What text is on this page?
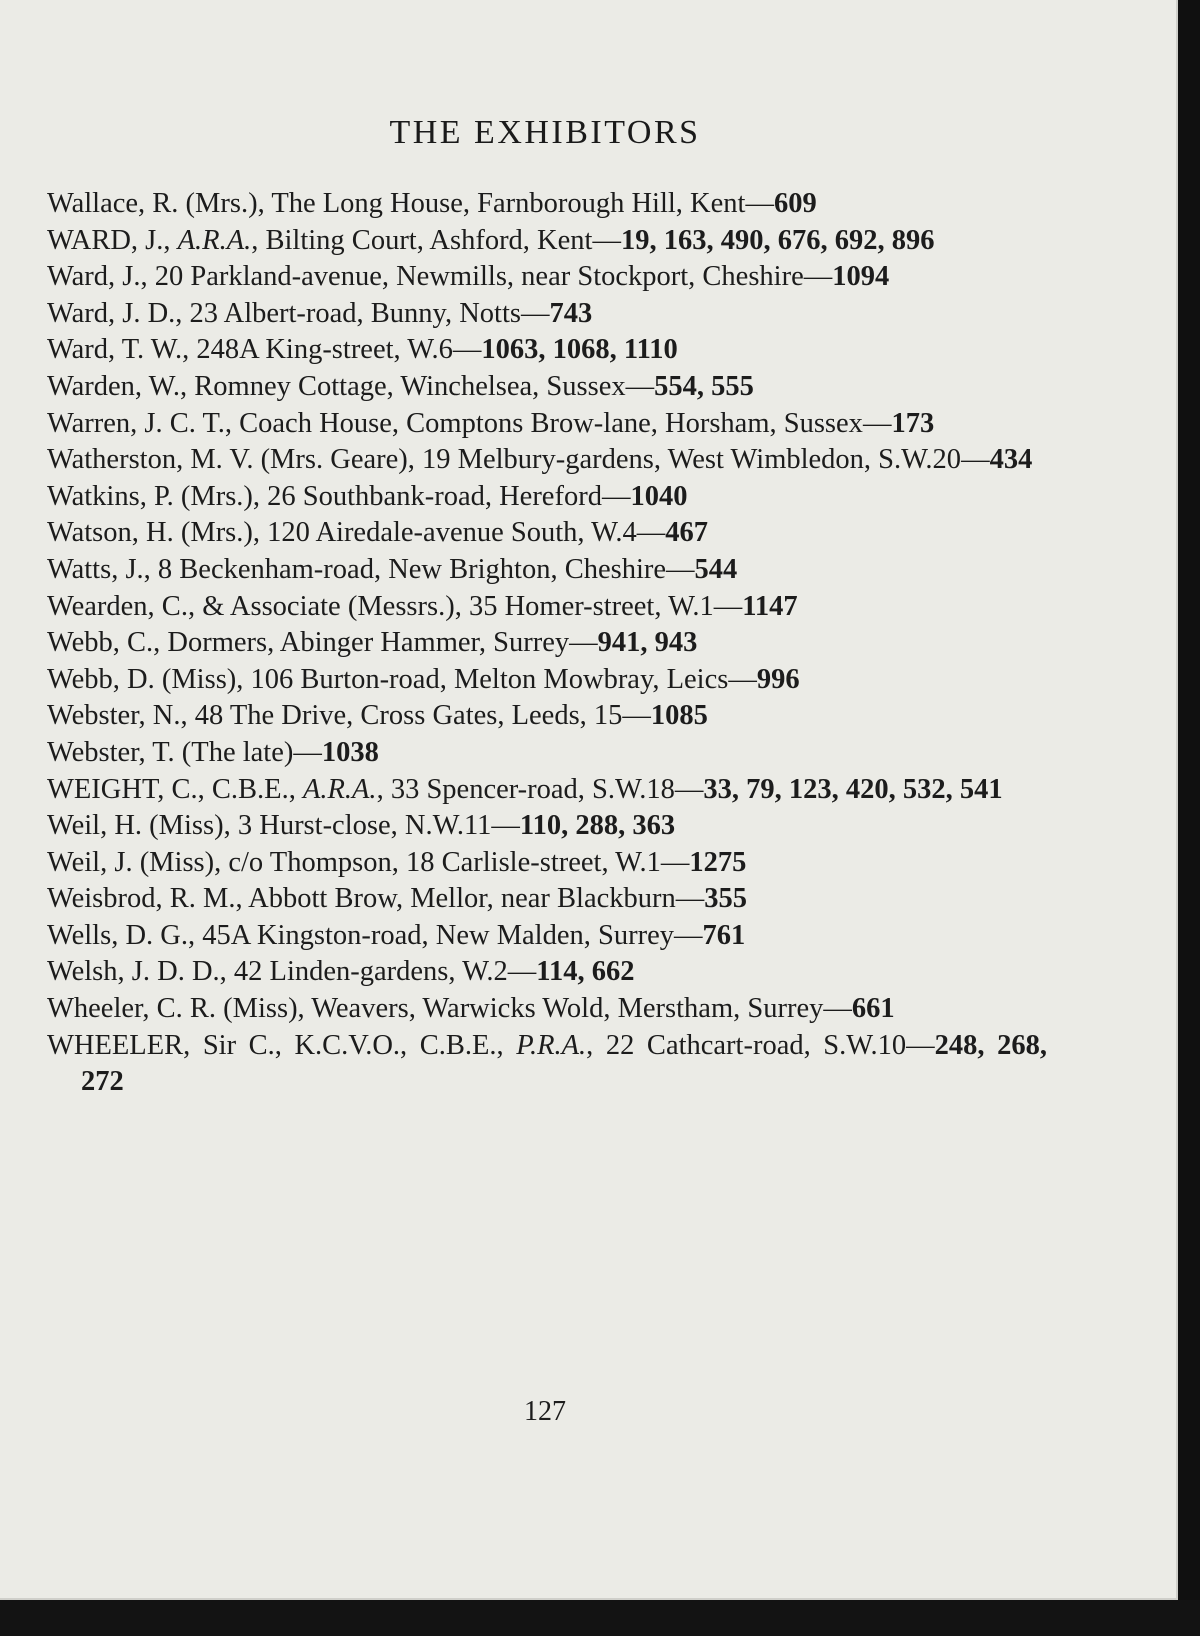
THE EXHIBITORS
Wallace, R. (Mrs.), The Long House, Farnborough Hill, Kent—609
WARD, J., A.R.A., Bilting Court, Ashford, Kent—19, 163, 490, 676, 692, 896
Ward, J., 20 Parkland-avenue, Newmills, near Stockport, Cheshire—1094
Ward, J. D., 23 Albert-road, Bunny, Notts—743
Ward, T. W., 248A King-street, W.6—1063, 1068, 1110
Warden, W., Romney Cottage, Winchelsea, Sussex—554, 555
Warren, J. C. T., Coach House, Comptons Brow-lane, Horsham, Sussex—173
Watherston, M. V. (Mrs. Geare), 19 Melbury-gardens, West Wimbledon, S.W.20—434
Watkins, P. (Mrs.), 26 Southbank-road, Hereford—1040
Watson, H. (Mrs.), 120 Airedale-avenue South, W.4—467
Watts, J., 8 Beckenham-road, New Brighton, Cheshire—544
Wearden, C., & Associate (Messrs.), 35 Homer-street, W.1—1147
Webb, C., Dormers, Abinger Hammer, Surrey—941, 943
Webb, D. (Miss), 106 Burton-road, Melton Mowbray, Leics—996
Webster, N., 48 The Drive, Cross Gates, Leeds, 15—1085
Webster, T. (The late)—1038
WEIGHT, C., C.B.E., A.R.A., 33 Spencer-road, S.W.18—33, 79, 123, 420, 532, 541
Weil, H. (Miss), 3 Hurst-close, N.W.11—110, 288, 363
Weil, J. (Miss), c/o Thompson, 18 Carlisle-street, W.1—1275
Weisbrod, R. M., Abbott Brow, Mellor, near Blackburn—355
Wells, D. G., 45A Kingston-road, New Malden, Surrey—761
Welsh, J. D. D., 42 Linden-gardens, W.2—114, 662
Wheeler, C. R. (Miss), Weavers, Warwicks Wold, Merstham, Surrey—661
WHEELER, Sir C., K.C.V.O., C.B.E., P.R.A., 22 Cathcart-road, S.W.10—248, 268, 272
127
